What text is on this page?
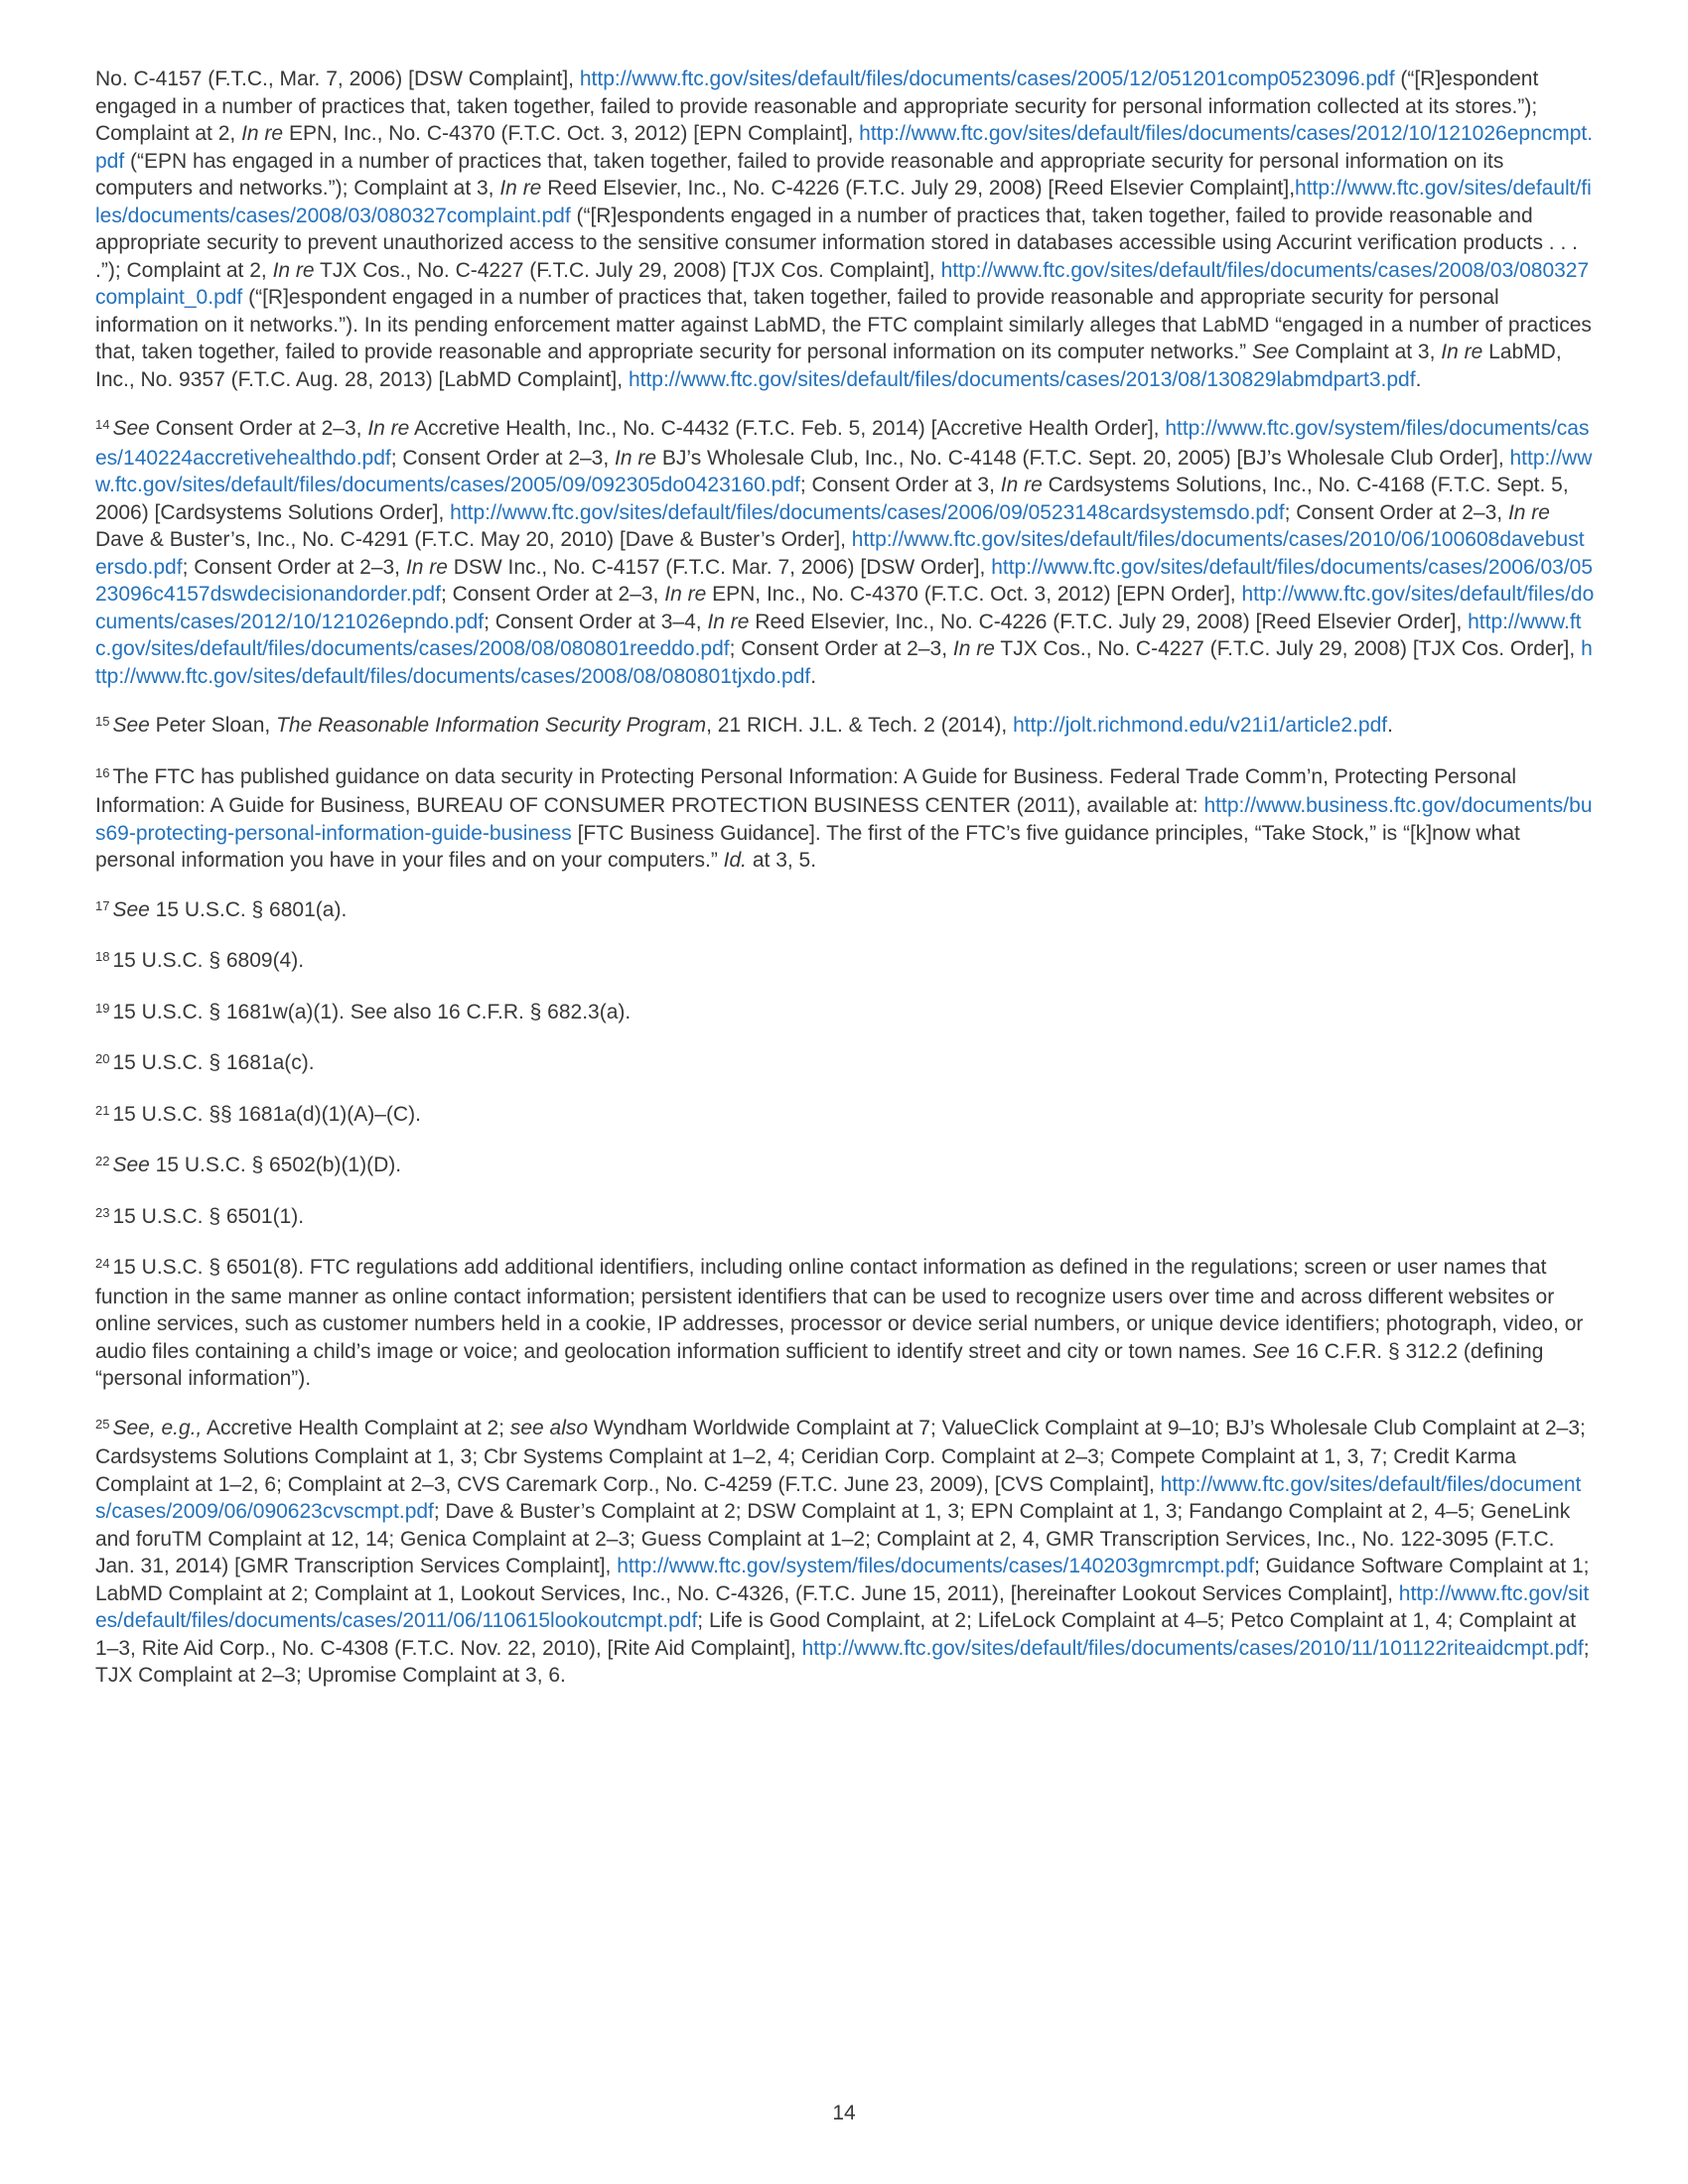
No. C-4157 (F.T.C., Mar. 7, 2006) [DSW Complaint], http://www.ftc.gov/sites/default/files/documents/cases/2005/12/051201comp0523096.pdf (“[R]espondent engaged in a number of practices that, taken together, failed to provide reasonable and appropriate security for personal information collected at its stores.”); Complaint at 2, In re EPN, Inc., No. C-4370 (F.T.C. Oct. 3, 2012) [EPN Complaint], http://www.ftc.gov/sites/default/files/documents/cases/2012/10/121026epncmpt.pdf (“EPN has engaged in a number of practices that, taken together, failed to provide reasonable and appropriate security for personal information on its computers and networks.”); Complaint at 3, In re Reed Elsevier, Inc., No. C-4226 (F.T.C. July 29, 2008) [Reed Elsevier Complaint],http://www.ftc.gov/sites/default/files/documents/cases/2008/03/080327complaint.pdf (“[R]espondents engaged in a number of practices that, taken together, failed to provide reasonable and appropriate security to prevent unauthorized access to the sensitive consumer information stored in databases accessible using Accurint verification products . . . .”); Complaint at 2, In re TJX Cos., No. C-4227 (F.T.C. July 29, 2008) [TJX Cos. Complaint], http://www.ftc.gov/sites/default/files/documents/cases/2008/03/080327complaint_0.pdf (“[R]espondent engaged in a number of practices that, taken together, failed to provide reasonable and appropriate security for personal information on it networks.”). In its pending enforcement matter against LabMD, the FTC complaint similarly alleges that LabMD “engaged in a number of practices that, taken together, failed to provide reasonable and appropriate security for personal information on its computer networks.” See Complaint at 3, In re LabMD, Inc., No. 9357 (F.T.C. Aug. 28, 2013) [LabMD Complaint], http://www.ftc.gov/sites/default/files/documents/cases/2013/08/130829labmdpart3.pdf.

$^{14}$ See Consent Order at 2–3, In re Accretive Health, Inc., No. C-4432 (F.T.C. Feb. 5, 2014) [Accretive Health Order], http://www.ftc.gov/system/files/documents/cases/140224accretivehealthdo.pdf; Consent Order at 2–3, In re BJ’s Wholesale Club, Inc., No. C-4148 (F.T.C. Sept. 20, 2005) [BJ’s Wholesale Club Order], http://www.ftc.gov/sites/default/files/documents/cases/2005/09/092305do0423160.pdf; Consent Order at 3, In re Cardsystems Solutions, Inc., No. C-4168 (F.T.C. Sept. 5, 2006) [Cardsystems Solutions Order], http://www.ftc.gov/sites/default/files/documents/cases/2006/09/0523148cardsystemsdo.pdf; Consent Order at 2–3, In re Dave & Buster’s, Inc., No. C-4291 (F.T.C. May 20, 2010) [Dave & Buster’s Order], http://www.ftc.gov/sites/default/files/documents/cases/2010/06/100608davebustersdo.pdf; Consent Order at 2–3, In re DSW Inc., No. C-4157 (F.T.C. Mar. 7, 2006) [DSW Order], http://www.ftc.gov/sites/default/files/documents/cases/2006/03/0523096c4157dswdecisionandorder.pdf; Consent Order at 2–3, In re EPN, Inc., No. C-4370 (F.T.C. Oct. 3, 2012) [EPN Order], http://www.ftc.gov/sites/default/files/documents/cases/2012/10/121026epndo.pdf; Consent Order at 3–4, In re Reed Elsevier, Inc., No. C-4226 (F.T.C. July 29, 2008) [Reed Elsevier Order], http://www.ftc.gov/sites/default/files/documents/cases/2008/08/080801reeddo.pdf; Consent Order at 2–3, In re TJX Cos., No. C-4227 (F.T.C. July 29, 2008) [TJX Cos. Order], http://www.ftc.gov/sites/default/files/documents/cases/2008/08/080801tjxdo.pdf.

$^{15}$ See Peter Sloan, The Reasonable Information Security Program, 21 RICH. J.L. & Tech. 2 (2014), http://jolt.richmond.edu/v21i1/article2.pdf.

$^{16}$ The FTC has published guidance on data security in Protecting Personal Information: A Guide for Business. Federal Trade Comm’n, Protecting Personal Information: A Guide for Business, BUREAU OF CONSUMER PROTECTION BUSINESS CENTER (2011), available at: http://www.business.ftc.gov/documents/bus69-protecting-personal-information-guide-business [FTC Business Guidance]. The first of the FTC’s five guidance principles, “Take Stock,” is “[k]now what personal information you have in your files and on your computers.” Id. at 3, 5.

$^{17}$ See 15 U.S.C. § 6801(a).

$^{18}$ 15 U.S.C. § 6809(4).

$^{19}$ 15 U.S.C. § 1681w(a)(1). See also 16 C.F.R. § 682.3(a).

$^{20}$ 15 U.S.C. § 1681a(c).

$^{21}$ 15 U.S.C. §§ 1681a(d)(1)(A)–(C).

$^{22}$ See 15 U.S.C. § 6502(b)(1)(D).

$^{23}$ 15 U.S.C. § 6501(1).

$^{24}$ 15 U.S.C. § 6501(8). FTC regulations add additional identifiers, including online contact information as defined in the regulations; screen or user names that function in the same manner as online contact information; persistent identifiers that can be used to recognize users over time and across different websites or online services, such as customer numbers held in a cookie, IP addresses, processor or device serial numbers, or unique device identifiers; photograph, video, or audio files containing a child’s image or voice; and geolocation information sufficient to identify street and city or town names. See 16 C.F.R. § 312.2 (defining “personal information”).

$^{25}$ See, e.g., Accretive Health Complaint at 2; see also Wyndham Worldwide Complaint at 7; ValueClick Complaint at 9–10; BJ’s Wholesale Club Complaint at 2–3; Cardsystems Solutions Complaint at 1, 3; Cbr Systems Complaint at 1–2, 4; Ceridian Corp. Complaint at 2–3; Compete Complaint at 1, 3, 7; Credit Karma Complaint at 1–2, 6; Complaint at 2–3, CVS Caremark Corp., No. C-4259 (F.T.C. June 23, 2009), [CVS Complaint], http://www.ftc.gov/sites/default/files/documents/cases/2009/06/090623cvscmpt.pdf; Dave & Buster’s Complaint at 2; DSW Complaint at 1, 3; EPN Complaint at 1, 3; Fandango Complaint at 2, 4–5; GeneLink and foruTM Complaint at 12, 14; Genica Complaint at 2–3; Guess Complaint at 1–2; Complaint at 2, 4, GMR Transcription Services, Inc., No. 122-3095 (F.T.C. Jan. 31, 2014) [GMR Transcription Services Complaint], http://www.ftc.gov/system/files/documents/cases/140203gmrcmpt.pdf; Guidance Software Complaint at 1; LabMD Complaint at 2; Complaint at 1, Lookout Services, Inc., No. C-4326, (F.T.C. June 15, 2011), [hereinafter Lookout Services Complaint], http://www.ftc.gov/sites/default/files/documents/cases/2011/06/110615lookoutcmpt.pdf; Life is Good Complaint, at 2; LifeLock Complaint at 4–5; Petco Complaint at 1, 4; Complaint at 1–3, Rite Aid Corp., No. C-4308 (F.T.C. Nov. 22, 2010), [Rite Aid Complaint], http://www.ftc.gov/sites/default/files/documents/cases/2010/11/101122riteaidcmpt.pdf; TJX Complaint at 2–3; Upromise Complaint at 3, 6.

14
